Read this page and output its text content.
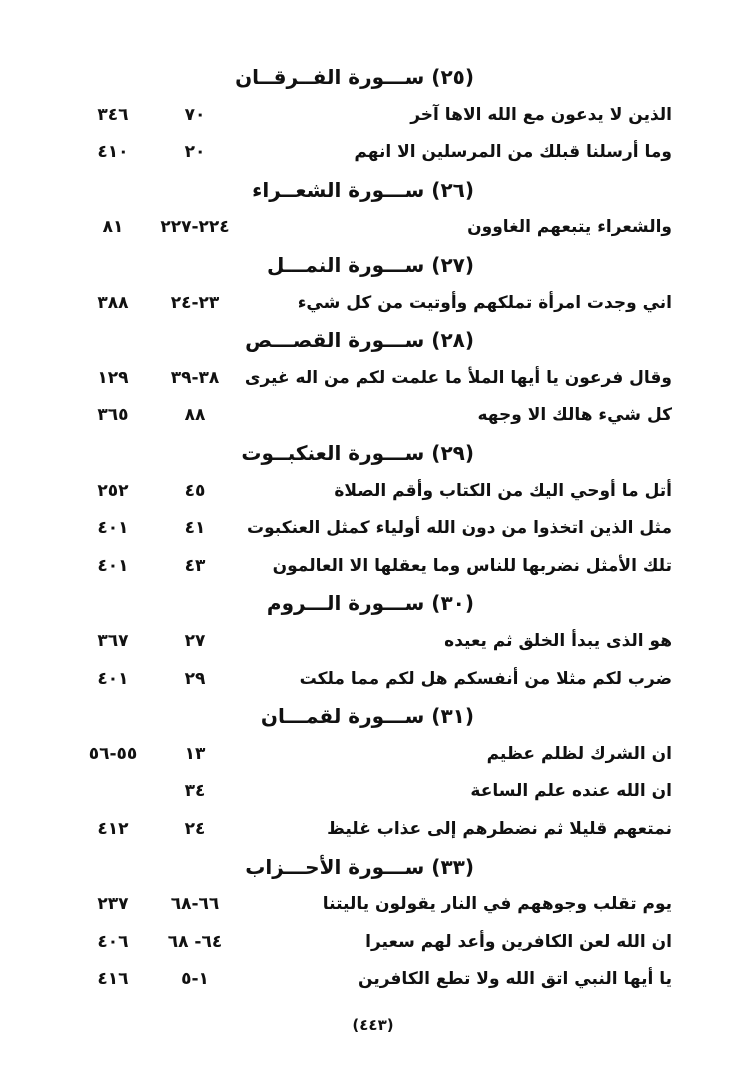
(٢٥) ســـورة الفــرقــان
الذين لا يدعون مع الله الاها آخر
٧٠
٣٤٦
وما أرسلنا قبلك من المرسلين الا انهم
٢٠
٤١٠
(٢٦) ســـورة الشعــراء
والشعراء يتبعهم الغاوون
٢٢٤-٢٢٧
٨١
(٢٧) ســـورة النمـــل
اني وجدت امرأة تملكهم وأوتيت من كل شيء
٢٣-٢٤
٣٨٨
(٢٨) ســـورة القصـــص
وقال فرعون يا أيها الملأ ما علمت لكم من اله غيرى
٣٨-٣٩
١٢٩
كل شيء هالك الا وجهه
٨٨
٣٦٥
(٢٩) ســـورة العنكبــوت
أتل ما أوحي اليك من الكتاب وأقم الصلاة
٤٥
٢٥٢
مثل الذين اتخذوا من دون الله أولياء كمثل العنكبوت
٤١
٤٠١
تلك الأمثل نضربها للناس وما يعقلها الا العالمون
٤٣
٤٠١
(٣٠) ســـورة الـــروم
هو الذى يبدأ الخلق ثم يعيده
٢٧
٣٦٧
ضرب لكم مثلا من أنفسكم هل لكم مما ملكت
٢٩
٤٠١
(٣١) ســـورة لقمـــان
ان الشرك لظلم عظيم
١٣
٥٥-٥٦
ان الله عنده علم الساعة
٣٤
نمتعهم قليلا ثم نضطرهم إلى عذاب غليظ
٢٤
٤١٢
(٣٣) ســـورة الأحـــزاب
يوم تقلب وجوههم في النار يقولون ياليتنا
٦٦-٦٨
٢٣٧
ان الله لعن الكافرين وأعد لهم سعيرا
٦٤- ٦٨
٤٠٦
يا أيها النبي اتق الله ولا تطع الكافرين
١-٥
٤١٦
(٤٤٣)
